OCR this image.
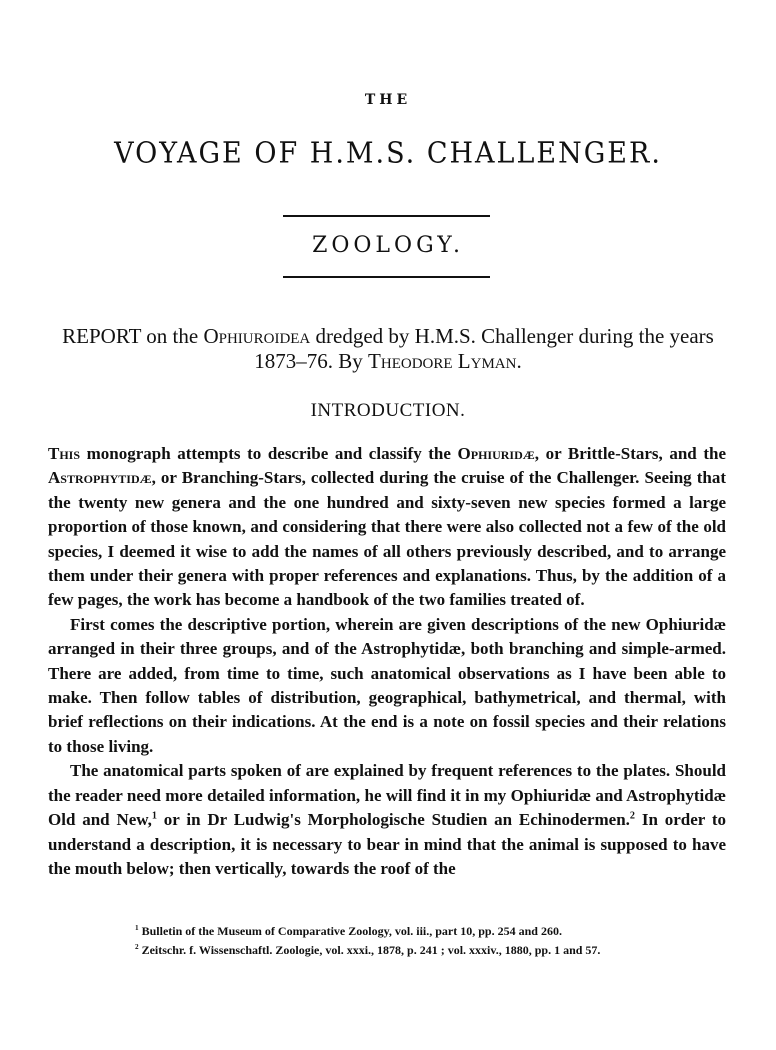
THE
VOYAGE OF H.M.S. CHALLENGER.
ZOOLOGY.
REPORT on the Ophiuroidea dredged by H.M.S. Challenger during the years 1873–76. By Theodore Lyman.
INTRODUCTION.

This monograph attempts to describe and classify the Ophiuridæ, or Brittle-Stars, and the Astrophytidæ, or Branching-Stars, collected during the cruise of the Challenger. Seeing that the twenty new genera and the one hundred and sixty-seven new species formed a large proportion of those known, and considering that there were also collected not a few of the old species, I deemed it wise to add the names of all others previously described, and to arrange them under their genera with proper references and explanations. Thus, by the addition of a few pages, the work has become a handbook of the two families treated of.

First comes the descriptive portion, wherein are given descriptions of the new Ophiuridæ arranged in their three groups, and of the Astrophytidæ, both branching and simple-armed. There are added, from time to time, such anatomical observations as I have been able to make. Then follow tables of distribution, geographical, bathymetrical, and thermal, with brief reflections on their indications. At the end is a note on fossil species and their relations to those living.

The anatomical parts spoken of are explained by frequent references to the plates. Should the reader need more detailed information, he will find it in my Ophiuridæ and Astrophytidæ Old and New,$^1$ or in Dr Ludwig's Morphologische Studien an Echinodermen.$^2$ In order to understand a description, it is necessary to bear in mind that the animal is supposed to have the mouth below; then vertically, towards the roof of the

$^1$ Bulletin of the Museum of Comparative Zoology, vol. iii., part 10, pp. 254 and 260.
$^2$ Zeitschr. f. Wissenschaftl. Zoologie, vol. xxxi., 1878, p. 241 ; vol. xxxiv., 1880, pp. 1 and 57.
